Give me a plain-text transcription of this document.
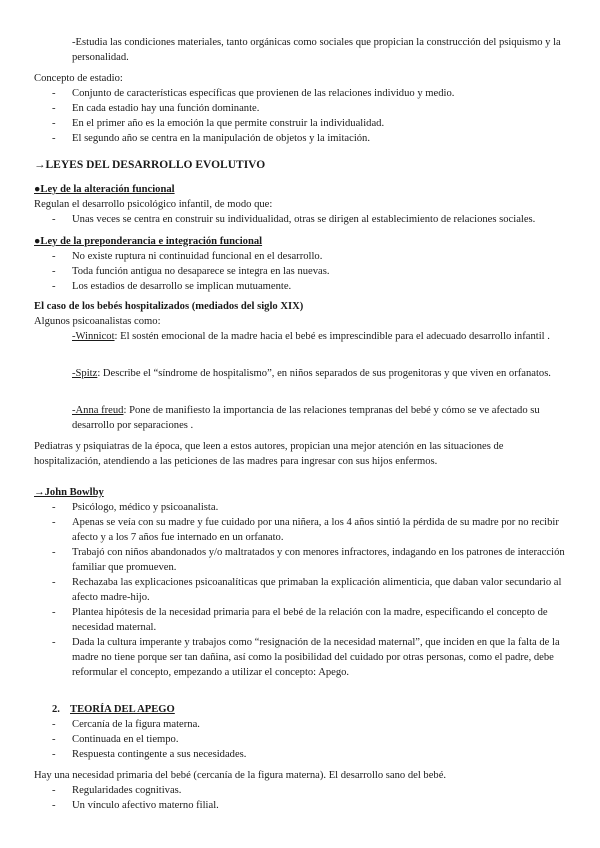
-Estudia las condiciones materiales, tanto orgánicas como sociales que propician la construcción del psiquismo y la personalidad.
Concepto de estadio:
- Conjunto de características específicas que provienen de las relaciones individuo y medio.
- En cada estadio hay una función dominante.
- En el primer año es la emoción la que permite construir la individualidad.
- El segundo año se centra en la manipulación de objetos y la imitación.
→LEYES DEL DESARROLLO EVOLUTIVO
●Ley de la alteración funcional
Regulan el desarrollo psicológico infantil, de modo que:
- Unas veces se centra en construir su individualidad, otras se dirigen al establecimiento de relaciones sociales.
●Ley de la preponderancia e integración funcional
- No existe ruptura ni continuidad funcional en el desarrollo.
- Toda función antigua no desaparece se integra en las nuevas.
- Los estadios de desarrollo se implican mutuamente.
El caso de los bebés hospitalizados (mediados del siglo XIX)
Algunos psicoanalistas como:
-Winnicot: El sostén emocional de la madre hacia el bebé es imprescindible para el adecuado desarrollo infantil .
-Spitz: Describe el “síndrome de hospitalismo”, en niños separados de sus progenitoras y que viven en orfanatos.
-Anna freud: Pone de manifiesto la importancia de las relaciones tempranas del bebé y cómo se ve afectado su desarrollo por separaciones .
Pediatras y psiquiatras de la época, que leen a estos autores, propician una mejor atención en las situaciones de hospitalización, atendiendo a las peticiones de las madres para ingresar con sus hijos enfermos.
→John Bowlby
- Psicólogo, médico y psicoanalista.
- Apenas se veía con su madre y fue cuidado por una niñera, a los 4 años sintió la pérdida de su madre por no recibir afecto y a los 7 años fue internado en un orfanato.
- Trabajó con niños abandonados y/o maltratados y con menores infractores, indagando en los patrones de interacción familiar que promueven.
- Rechazaba las explicaciones psicoanalíticas que primaban la explicación alimenticia, que daban valor secundario al afecto madre-hijo.
- Plantea hipótesis de la necesidad primaria para el bebé de la relación con la madre, especificando el concepto de necesidad maternal.
- Dada la cultura imperante y trabajos como “resignación de la necesidad maternal”, que inciden en que la falta de la madre no tiene porque ser tan dañina, así como la posibilidad del cuidado por otras personas, como el padre, debe reformular el concepto, empezando a utilizar el concepto: Apego.
2. TEORÍA DEL APEGO
- Cercanía de la figura materna.
- Continuada en el tiempo.
- Respuesta contingente a sus necesidades.
Hay una necesidad primaria del bebé (cercanía de la figura materna). El desarrollo sano del bebé.
- Regularidades cognitivas.
- Un vínculo afectivo materno filial.
